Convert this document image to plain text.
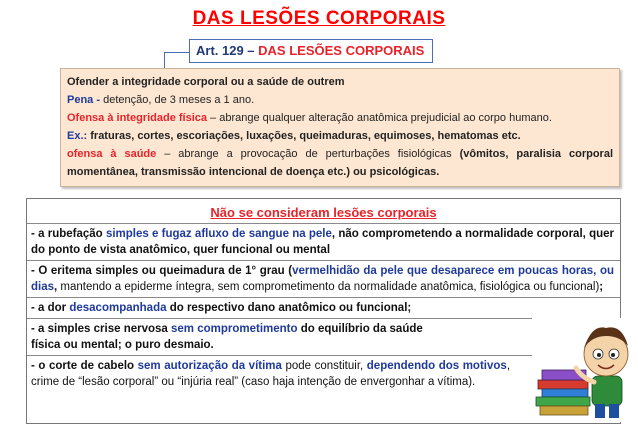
DAS LESÕES CORPORAIS
Art. 129 – DAS LESÕES CORPORAIS

Ofender a integridade corporal ou a saúde de outrem

Pena - detenção, de 3 meses a 1 ano.

Ofensa à integridade física – abrange qualquer alteração anatômica prejudicial ao corpo humano.

Ex.: fraturas, cortes, escoriações, luxações, queimaduras, equimoses, hematomas etc.

ofensa à saúde – abrange a provocação de perturbações fisiológicas (vômitos, paralisia corporal momentânea, transmissão intencional de doença etc.) ou psicológicas.

Não se consideram lesões corporais
- a rubefação simples e fugaz afluxo de sangue na pele, não comprometendo a normalidade corporal, quer do ponto de vista anatômico, quer funcional ou mental
- O eritema simples ou queimadura de 1° grau (vermelhidão da pele que desaparece em poucas horas, ou dias, mantendo a epiderme íntegra, sem comprometimento da normalidade anatômica, fisiológica ou funcional);
- a dor desacompanhada do respectivo dano anatômico ou funcional;
- a simples crise nervosa sem comprometimento do equilíbrio da saúde
física ou mental; o puro desmaio.
- o corte de cabelo sem autorização da vítima pode constituir, dependendo dos motivos, crime de “lesão corporal” ou “injúria real” (caso haja intenção de envergonhar a vítima).
